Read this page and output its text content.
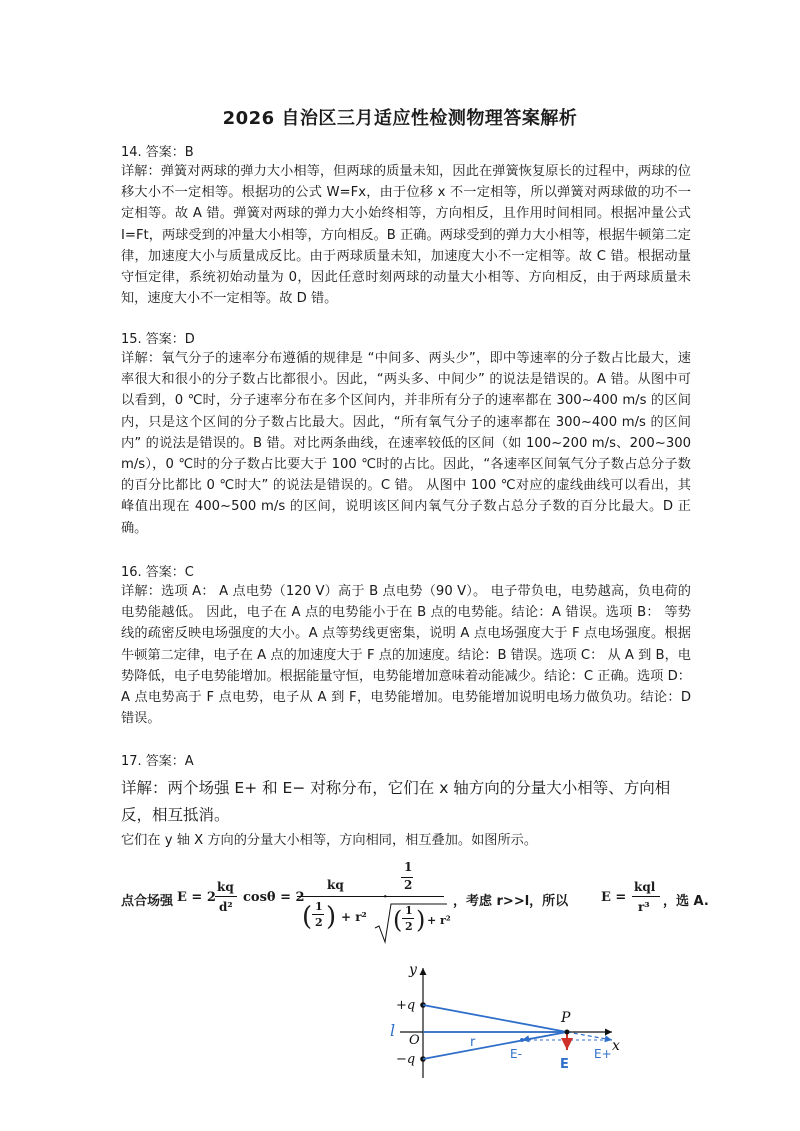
2026 自治区三月适应性检测物理答案解析
14. 答案：B
详解：弹簧对两球的弹力大小相等，但两球的质量未知，因此在弹簧恢复原长的过程中，两球的位移大小不一定相等。根据功的公式 W=Fx，由于位移 x 不一定相等，所以弹簧对两球做的功不一定相等。故 A 错。弹簧对两球的弹力大小始终相等，方向相反，且作用时间相同。根据冲量公式 I=Ft，两球受到的冲量大小相等，方向相反。B 正确。两球受到的弹力大小相等，根据牛顿第二定律，加速度大小与质量成反比。由于两球质量未知，加速度大小不一定相等。故 C 错。根据动量守恒定律，系统初始动量为 0，因此任意时刻两球的动量大小相等、方向相反，由于两球质量未知，速度大小不一定相等。故 D 错。
15. 答案：D
详解：氧气分子的速率分布遵循的规律是 “中间多、两头少”，即中等速率的分子数占比最大，速率很大和很小的分子数占比都很小。因此，“两头多、中间少” 的说法是错误的。A 错。从图中可以看到，0 ℃时，分子速率分布在多个区间内，并非所有分子的速率都在 300~400 m/s 的区间内，只是这个区间的分子数占比最大。因此，“所有氧气分子的速率都在 300~400 m/s 的区间内” 的说法是错误的。B 错。对比两条曲线，在速率较低的区间（如 100~200 m/s、200~300 m/s），0 ℃时的分子数占比要大于 100 ℃时的占比。因此，“各速率区间氧气分子数占总分子数的百分比都比 0 ℃时大” 的说法是错误的。C 错。 从图中 100 ℃对应的虚线曲线可以看出，其峰值出现在 400~500 m/s 的区间，说明该区间内氧气分子数占总分子数的百分比最大。D 正确。
16. 答案：C
详解：选项 A： A 点电势（120 V）高于 B 点电势（90 V）。 电子带负电，电势越高，负电荷的电势能越低。 因此，电子在 A 点的电势能小于在 B 点的电势能。结论：A 错误。选项 B： 等势线的疏密反映电场强度的大小。A 点等势线更密集，说明 A 点电场强度大于 F 点电场强度。根据牛顿第二定律，电子在 A 点的加速度大于 F 点的加速度。结论：B 错误。选项 C： 从 A 到 B，电势降低，电子电势能增加。根据能量守恒，电势能增加意味着动能减少。结论：C 正确。选项 D：A 点电势高于 F 点电势，电子从 A 到 F，电势能增加。电势能增加说明电场力做负功。结论：D 错误。
17. 答案：A
详解：两个场强 E+ 和 E− 对称分布，它们在 x 轴方向的分量大小相等、方向相反，相互抵消。
它们在 y 轴 X 方向的分量大小相等，方向相同，相互叠加。如图所示。
点合场强 E = 2
kq
d²
cosθ = 2
kq
( 1
2 ) + r²
·
1
2
( 1
2 ) + r²
，考虑 r>>l，所以	E =
kql
r³ ，选 A.
y
x
+q
−q
O
l
r
P
E-	E+
E
